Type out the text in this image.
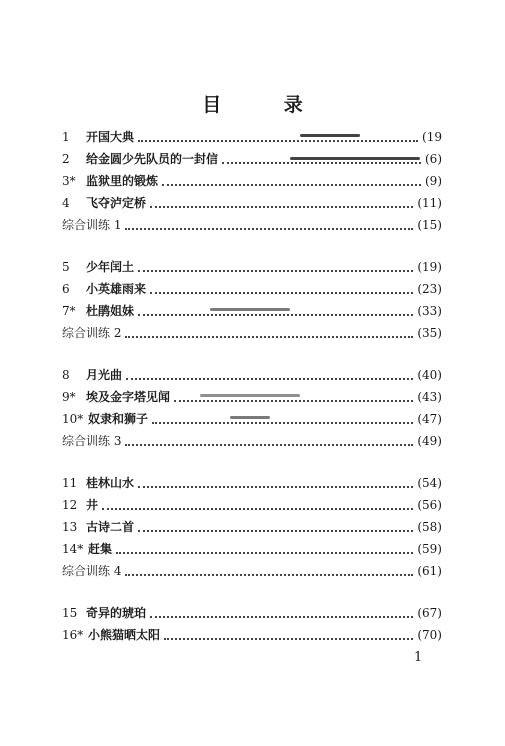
目 录
1	开国大典	(19
2	给金圆少先队员的一封信	(6)
3* 监狱里的锻炼	(9)
4	飞夺泸定桥	(11)
综合训练 1	(15)
5	少年闰土	(19)
6	小英雄雨来	(23)
7* 杜鹃姐妹	(33)
综合训练 2	(35)
8	月光曲	(40)
9* 埃及金字塔见闻	(43)
10* 奴隶和狮子	(47)
综合训练 3	(49)
11 桂林山水	(54)
12 井	(56)
13 古诗二首	(58)
14* 赶集	(59)
综合训练 4	(61)
15 奇异的琥珀	(67)
16* 小熊猫晒太阳	(70)
1
